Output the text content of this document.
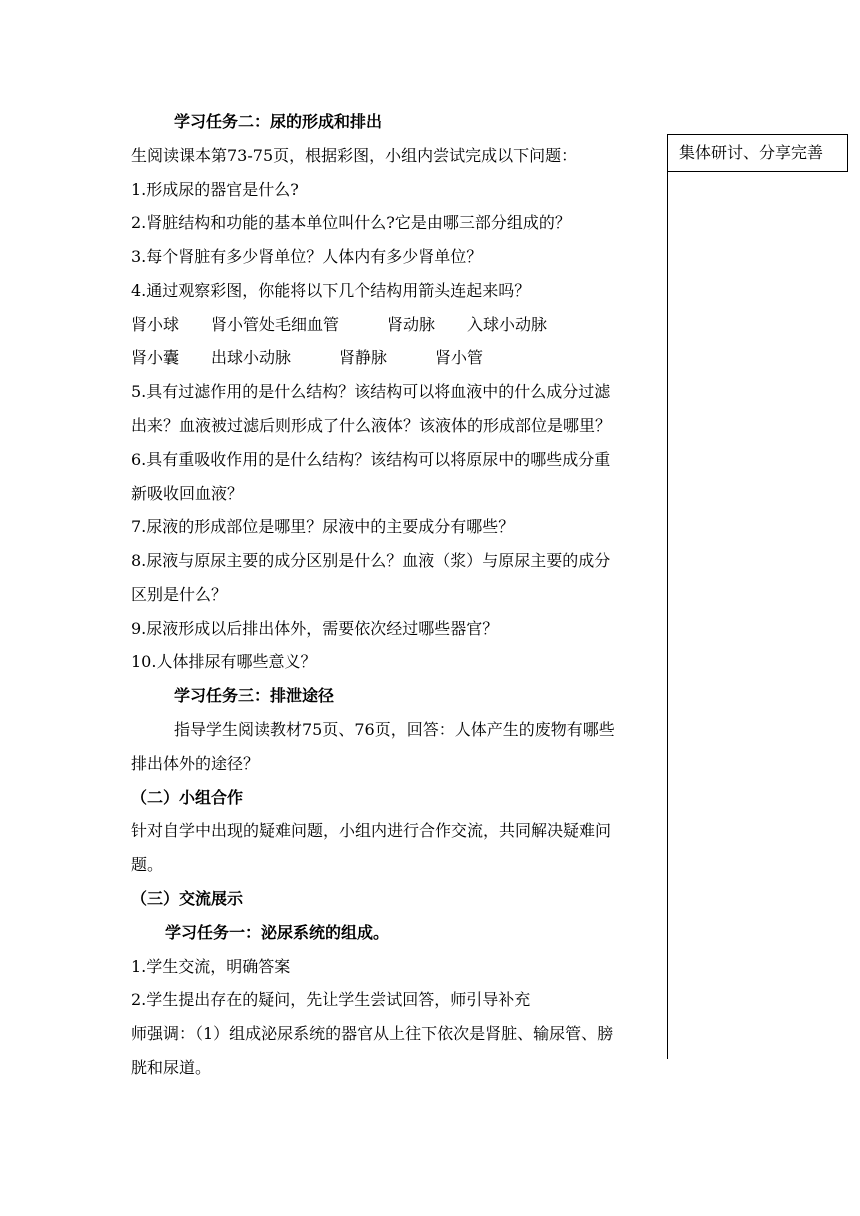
集体研讨、分享完善
学习任务二：尿的形成和排出
生阅读课本第73-75页，根据彩图，小组内尝试完成以下问题：
1.形成尿的器官是什么?
2.肾脏结构和功能的基本单位叫什么?它是由哪三部分组成的？
3.每个肾脏有多少肾单位？人体内有多少肾单位？
4.通过观察彩图，你能将以下几个结构用箭头连起来吗？
肾小球　　肾小管处毛细血管　　　肾动脉　　入球小动脉
肾小囊　　出球小动脉　　　肾静脉　　　肾小管
5.具有过滤作用的是什么结构？该结构可以将血液中的什么成分过滤
出来？血液被过滤后则形成了什么液体？该液体的形成部位是哪里？
6.具有重吸收作用的是什么结构？该结构可以将原尿中的哪些成分重
新吸收回血液？
7.尿液的形成部位是哪里？尿液中的主要成分有哪些？
8.尿液与原尿主要的成分区别是什么？血液（浆）与原尿主要的成分
区别是什么？
9.尿液形成以后排出体外，需要依次经过哪些器官？
10.人体排尿有哪些意义？
学习任务三：排泄途径
指导学生阅读教材75页、76页，回答：人体产生的废物有哪些
排出体外的途径？
（二）小组合作
针对自学中出现的疑难问题，小组内进行合作交流，共同解决疑难问
题。
（三）交流展示
学习任务一：泌尿系统的组成。
1.学生交流，明确答案
2.学生提出存在的疑问，先让学生尝试回答，师引导补充
师强调：（1）组成泌尿系统的器官从上往下依次是肾脏、输尿管、膀
胱和尿道。
